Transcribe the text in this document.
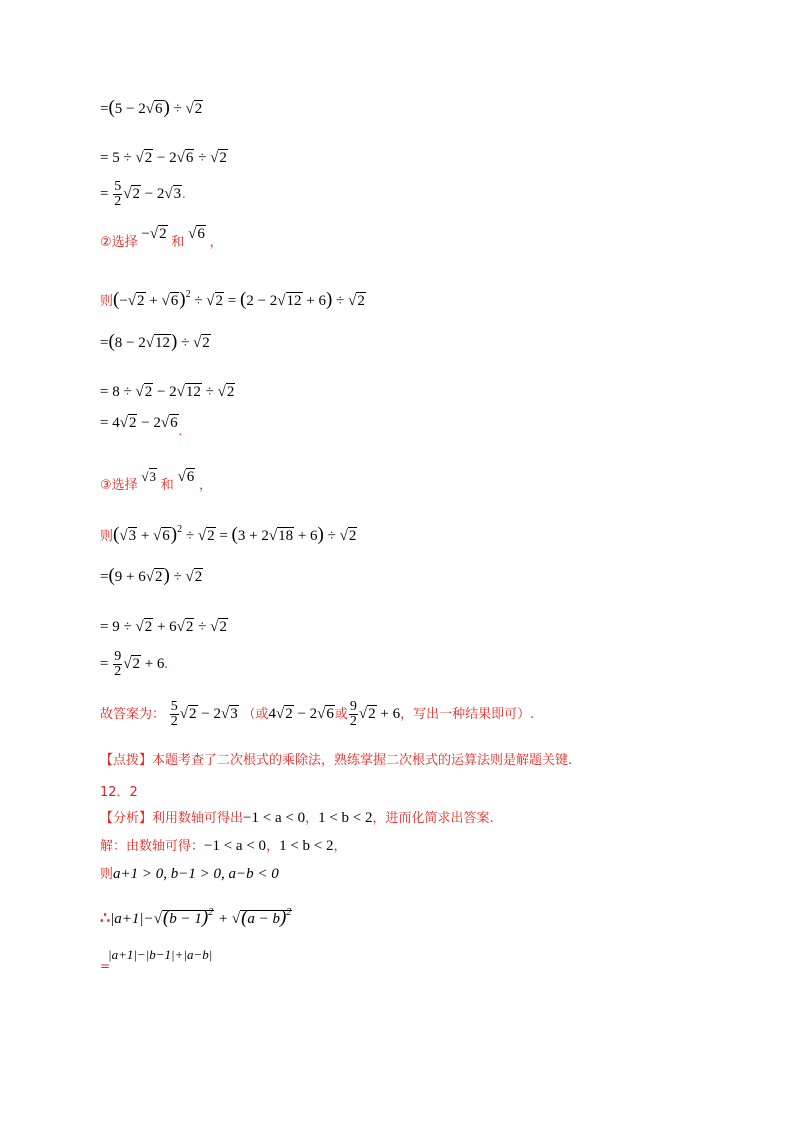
=(5 − 2√6) ÷ √2
= 5 ÷ √2 − 2√6 ÷ √2
= $\frac{5}{2} √2 - 2√3$.
②选择 −√2 和 √6 ，
则$(-√2 + √6)^2 \div √2 = (2 - 2√12 + 6) \div √2$
=(8 − 2√12) ÷ √2
= 8 ÷ √2 − 2√12 ÷ √2
= 4√2 − 2√6.
③选择 √3 和 √6 ，
则$(√3 + √6)^2 \div √2 = (3 + 2√18 + 6) \div √2$
=(9 + 6√2) ÷ √2
= 9 ÷ √2 + 6√2 ÷ √2
= $\frac{9}{2} √2 + 6$.
故答案为： $\frac{5}{2} √2 - 2√3$ （或4√2 − 2√6或 $\frac{9}{2} √2 + 6$，写出一种结果即可）.
【点拨】本题考查了二次根式的乘除法，熟练掌握二次根式的运算法则是解题关键.
12．2
【分析】利用数轴可得出−1 < a < 0，1 < b < 2，进而化简求出答案.
解：由数轴可得：−1 < a < 0，1 < b < 2，
则a+1 > 0, b−1 > 0, a−b < 0
∴|a+1|−√(b − $1)^2 + √(a - b)^2$
|a+1|−|b−1|+|a−b|
=
